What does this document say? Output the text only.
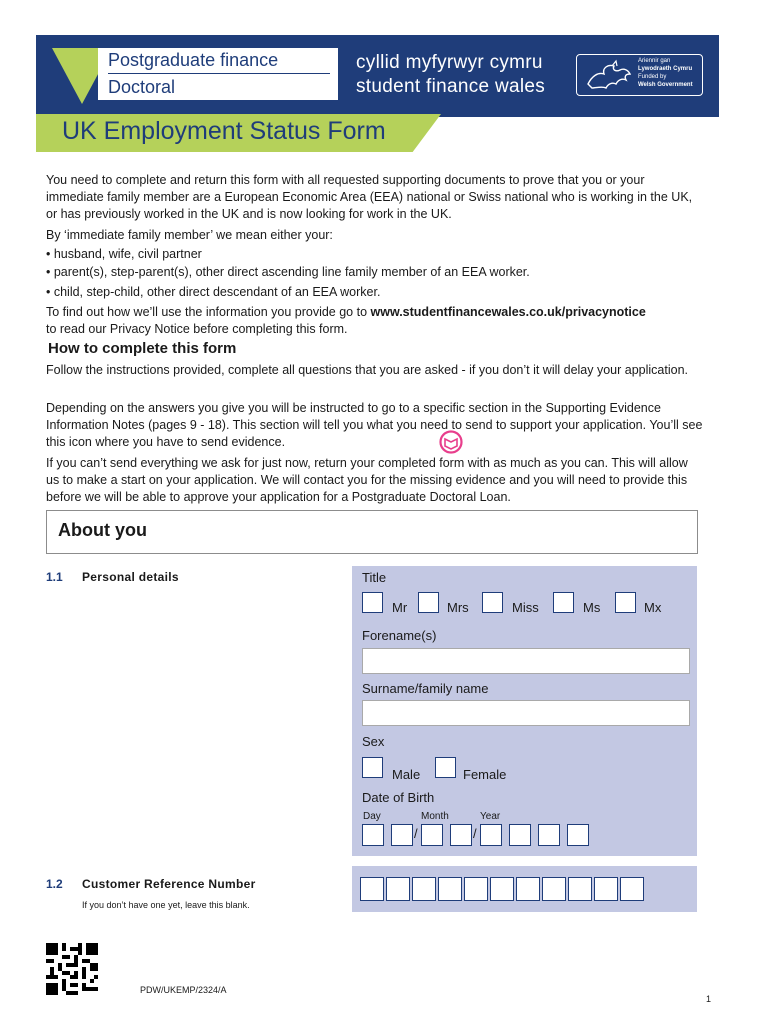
Postgraduate finance
Doctoral
cyllid myfyrwyr cymru
student finance wales
Ariennir gan
Lywodraeth Cymru
Funded by
Welsh Government
UK Employment Status Form
You need to complete and return this form with all requested supporting documents to prove that you or your immediate family member are a European Economic Area (EEA) national or Swiss national who is working in the UK, or has previously worked in the UK and is now looking for work in the UK.
By ‘immediate family member’ we mean either your:
• husband, wife, civil partner
• parent(s), step-parent(s), other direct ascending line family member of an EEA worker.
• child, step-child, other direct descendant of an EEA worker.
To find out how we’ll use the information you provide go to www.studentfinancewales.co.uk/privacynotice
to read our Privacy Notice before completing this form.
How to complete this form
Follow the instructions provided, complete all questions that you are asked - if you don’t it will delay your application.
Depending on the answers you give you will be instructed to go to a specific section in the Supporting Evidence Information Notes (pages 9 - 18). This section will tell you what you need to send to support your application. You’ll see this icon where you have to send evidence.
If you can’t send everything we ask for just now, return your completed form with as much as you can. This will allow us to make a start on your application. We will contact you for the missing evidence and you will need to provide this before we will be able to approve your application for a Postgraduate Doctoral Loan.
About you
1.1 Personal details	Title
Mr	Mrs	Miss	Ms	Mx
Forename(s)
Surname/family name
Sex
Male	Female
Date of Birth
Day	Month	Year
/	/
1.2 Customer Reference Number
If you don’t have one yet, leave this blank.
PDW/UKEMP/2324/A
1
